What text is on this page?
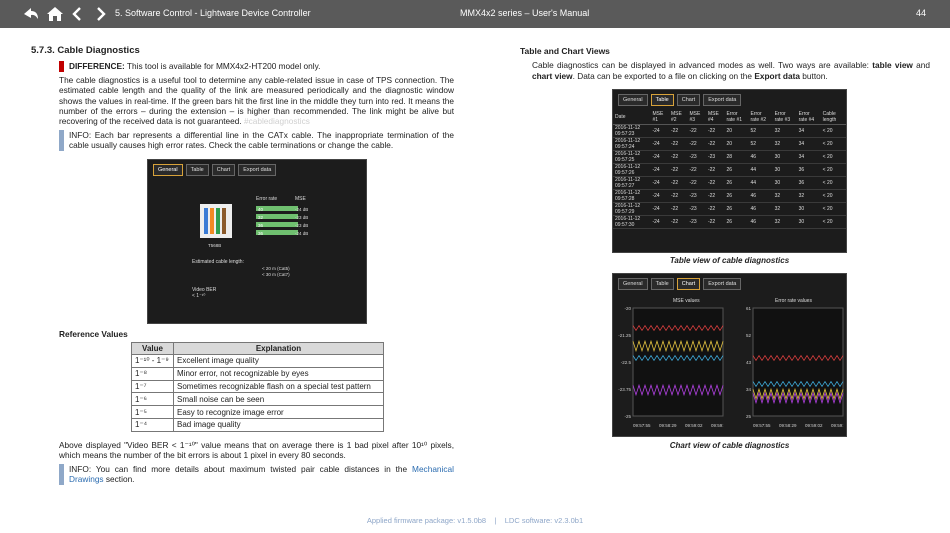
5. Software Control - Lightware Device Controller	MMX4x2 series – User's Manual	44
5.7.3. Cable Diagnostics
DIFFERENCE: This tool is available for MMX4x2-HT200 model only.
The cable diagnostics is a useful tool to determine any cable-related issue in case of TPS connection. The estimated cable length and the quality of the link are measured periodically and the diagnostic window shows the values in real-time. If the green bars hit the first line in the middle they turn into red. It means the number of the errors – during the extension – is higher than recommended. The link might be alive but recovering of the received data is not guaranteed. #cablediagnostics
INFO: Each bar represents a differential line in the CATx cable. The inappropriate termination of the cable usually causes high error rates. Check the cable terminations or change the cable.
General	Table	Chart	Export data
Error rate	MSE
40
32
36
36
-24 dB
-23 dB
-23 dB
-24 dB
T568B
Estimated cable length:
< 20 m (Cat5)
< 30 m (Cat7)
Video BER
< 1⁻¹⁰
Reference Values
Value	Explanation
1⁻¹⁰ - 1⁻⁹	Excellent image quality
1⁻⁸	Minor error, not recognizable by eyes
1⁻⁷	Sometimes recognizable flash on a special test pattern
1⁻⁶	Small noise can be seen
1⁻⁵	Easy to recognize image error
1⁻⁴	Bad image quality
Above displayed "Video BER < 1⁻¹⁰" value means that on average there is 1 bad pixel after 10¹⁰ pixels, which means the number of the bit errors is about 1 pixel in every 80 seconds.
INFO: You can find more details about maximum twisted pair cable distances in the Mechanical Drawings section.
Table and Chart Views
Cable diagnostics can be displayed in advanced modes as well. Two ways are available: table view and chart view. Data can be exported to a file on clicking on the Export data button.
General	Table	Chart	Export data
Date	MSE #1	MSE #2	MSE #3	MSE #4	Error rate #1	Error rate #2	Error rate #3	Error rate #4	Cable length
2016-11-12 09:57:23	-24	-22	-22	-22	20	52	32	34	< 20
2016-11-12 09:57:24	-24	-22	-22	-22	20	52	32	34	< 20
2016-11-12 09:57:25	-24	-22	-23	-23	28	46	30	34	< 20
2016-11-12 09:57:26	-24	-22	-22	-22	26	44	30	36	< 20
2016-11-12 09:57:27	-24	-22	-22	-22	26	44	30	36	< 20
2016-11-12 09:57:28	-24	-22	-23	-22	26	46	32	32	< 20
2016-11-12 09:57:29	-24	-22	-23	-22	26	46	32	30	< 20
2016-11-12 09:57:30	-24	-22	-23	-22	26	46	32	30	< 20
Table view of cable diagnostics
General	Table	Chart	Export data
MSE values	Error rate values
-20
-21.25
-22.5
-23.75
-25
09:57:55 09:58:29 09:59:02 09:59:
61
52
43
34
25
09:57:55 09:58:29 09:59:02 09:59:
Chart view of cable diagnostics
Applied firmware package: v1.5.0b8 | LDC software: v2.3.0b1
